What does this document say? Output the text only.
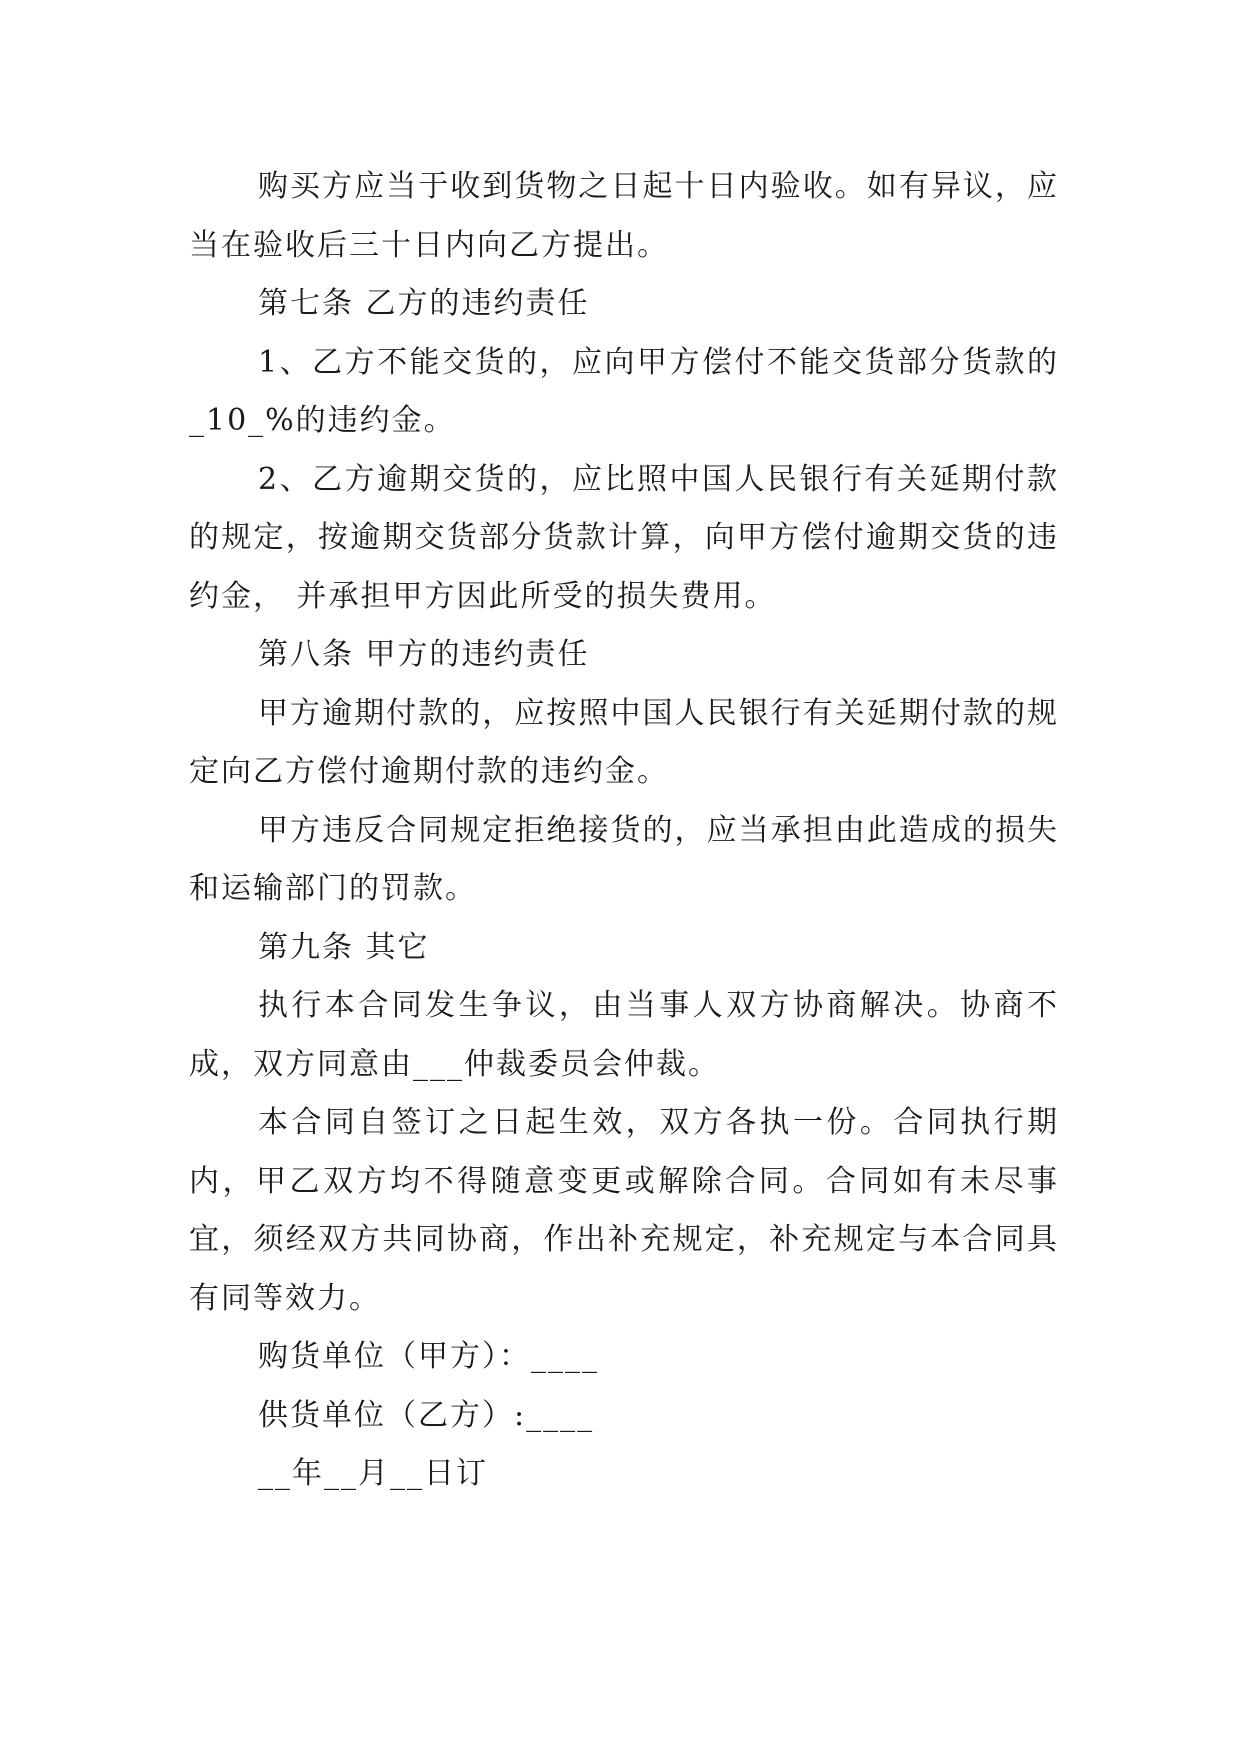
购买方应当于收到货物之日起十日内验收。如有异议，应当在验收后三十日内向乙方提出。

第七条 乙方的违约责任

1、乙方不能交货的，应向甲方偿付不能交货部分货款的_10_%的违约金。

2、乙方逾期交货的，应比照中国人民银行有关延期付款的规定，按逾期交货部分货款计算，向甲方偿付逾期交货的违约金， 并承担甲方因此所受的损失费用。

第八条 甲方的违约责任

甲方逾期付款的，应按照中国人民银行有关延期付款的规定向乙方偿付逾期付款的违约金。

甲方违反合同规定拒绝接货的，应当承担由此造成的损失和运输部门的罚款。

第九条 其它

执行本合同发生争议，由当事人双方协商解决。协商不成，双方同意由___仲裁委员会仲裁。

本合同自签订之日起生效，双方各执一份。合同执行期内，甲乙双方均不得随意变更或解除合同。合同如有未尽事宜，须经双方共同协商，作出补充规定，补充规定与本合同具有同等效力。

购货单位（甲方）：____

供货单位（乙方）:____

__年__月__日订
